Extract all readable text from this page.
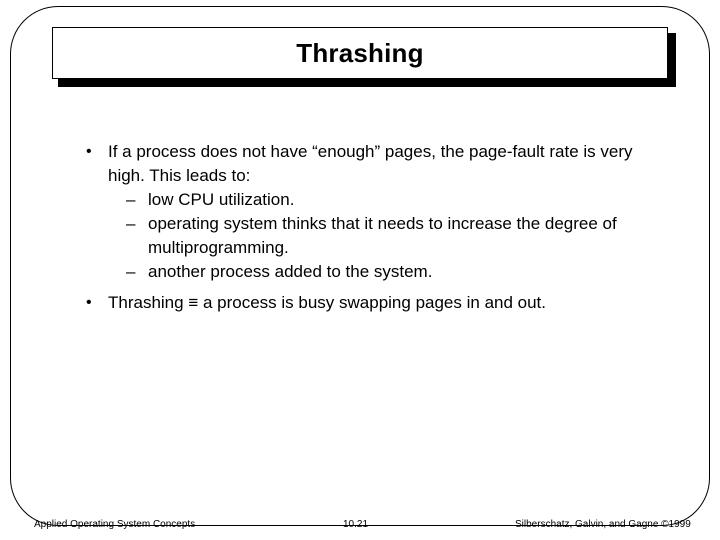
Thrashing
• If a process does not have “enough” pages, the page-fault rate is very high. This leads to:
– low CPU utilization.
– operating system thinks that it needs to increase the degree of multiprogramming.
– another process added to the system.
• Thrashing ≡ a process is busy swapping pages in and out.
Applied Operating System Concepts	10.21	Silberschatz, Galvin, and Gagne ©1999
